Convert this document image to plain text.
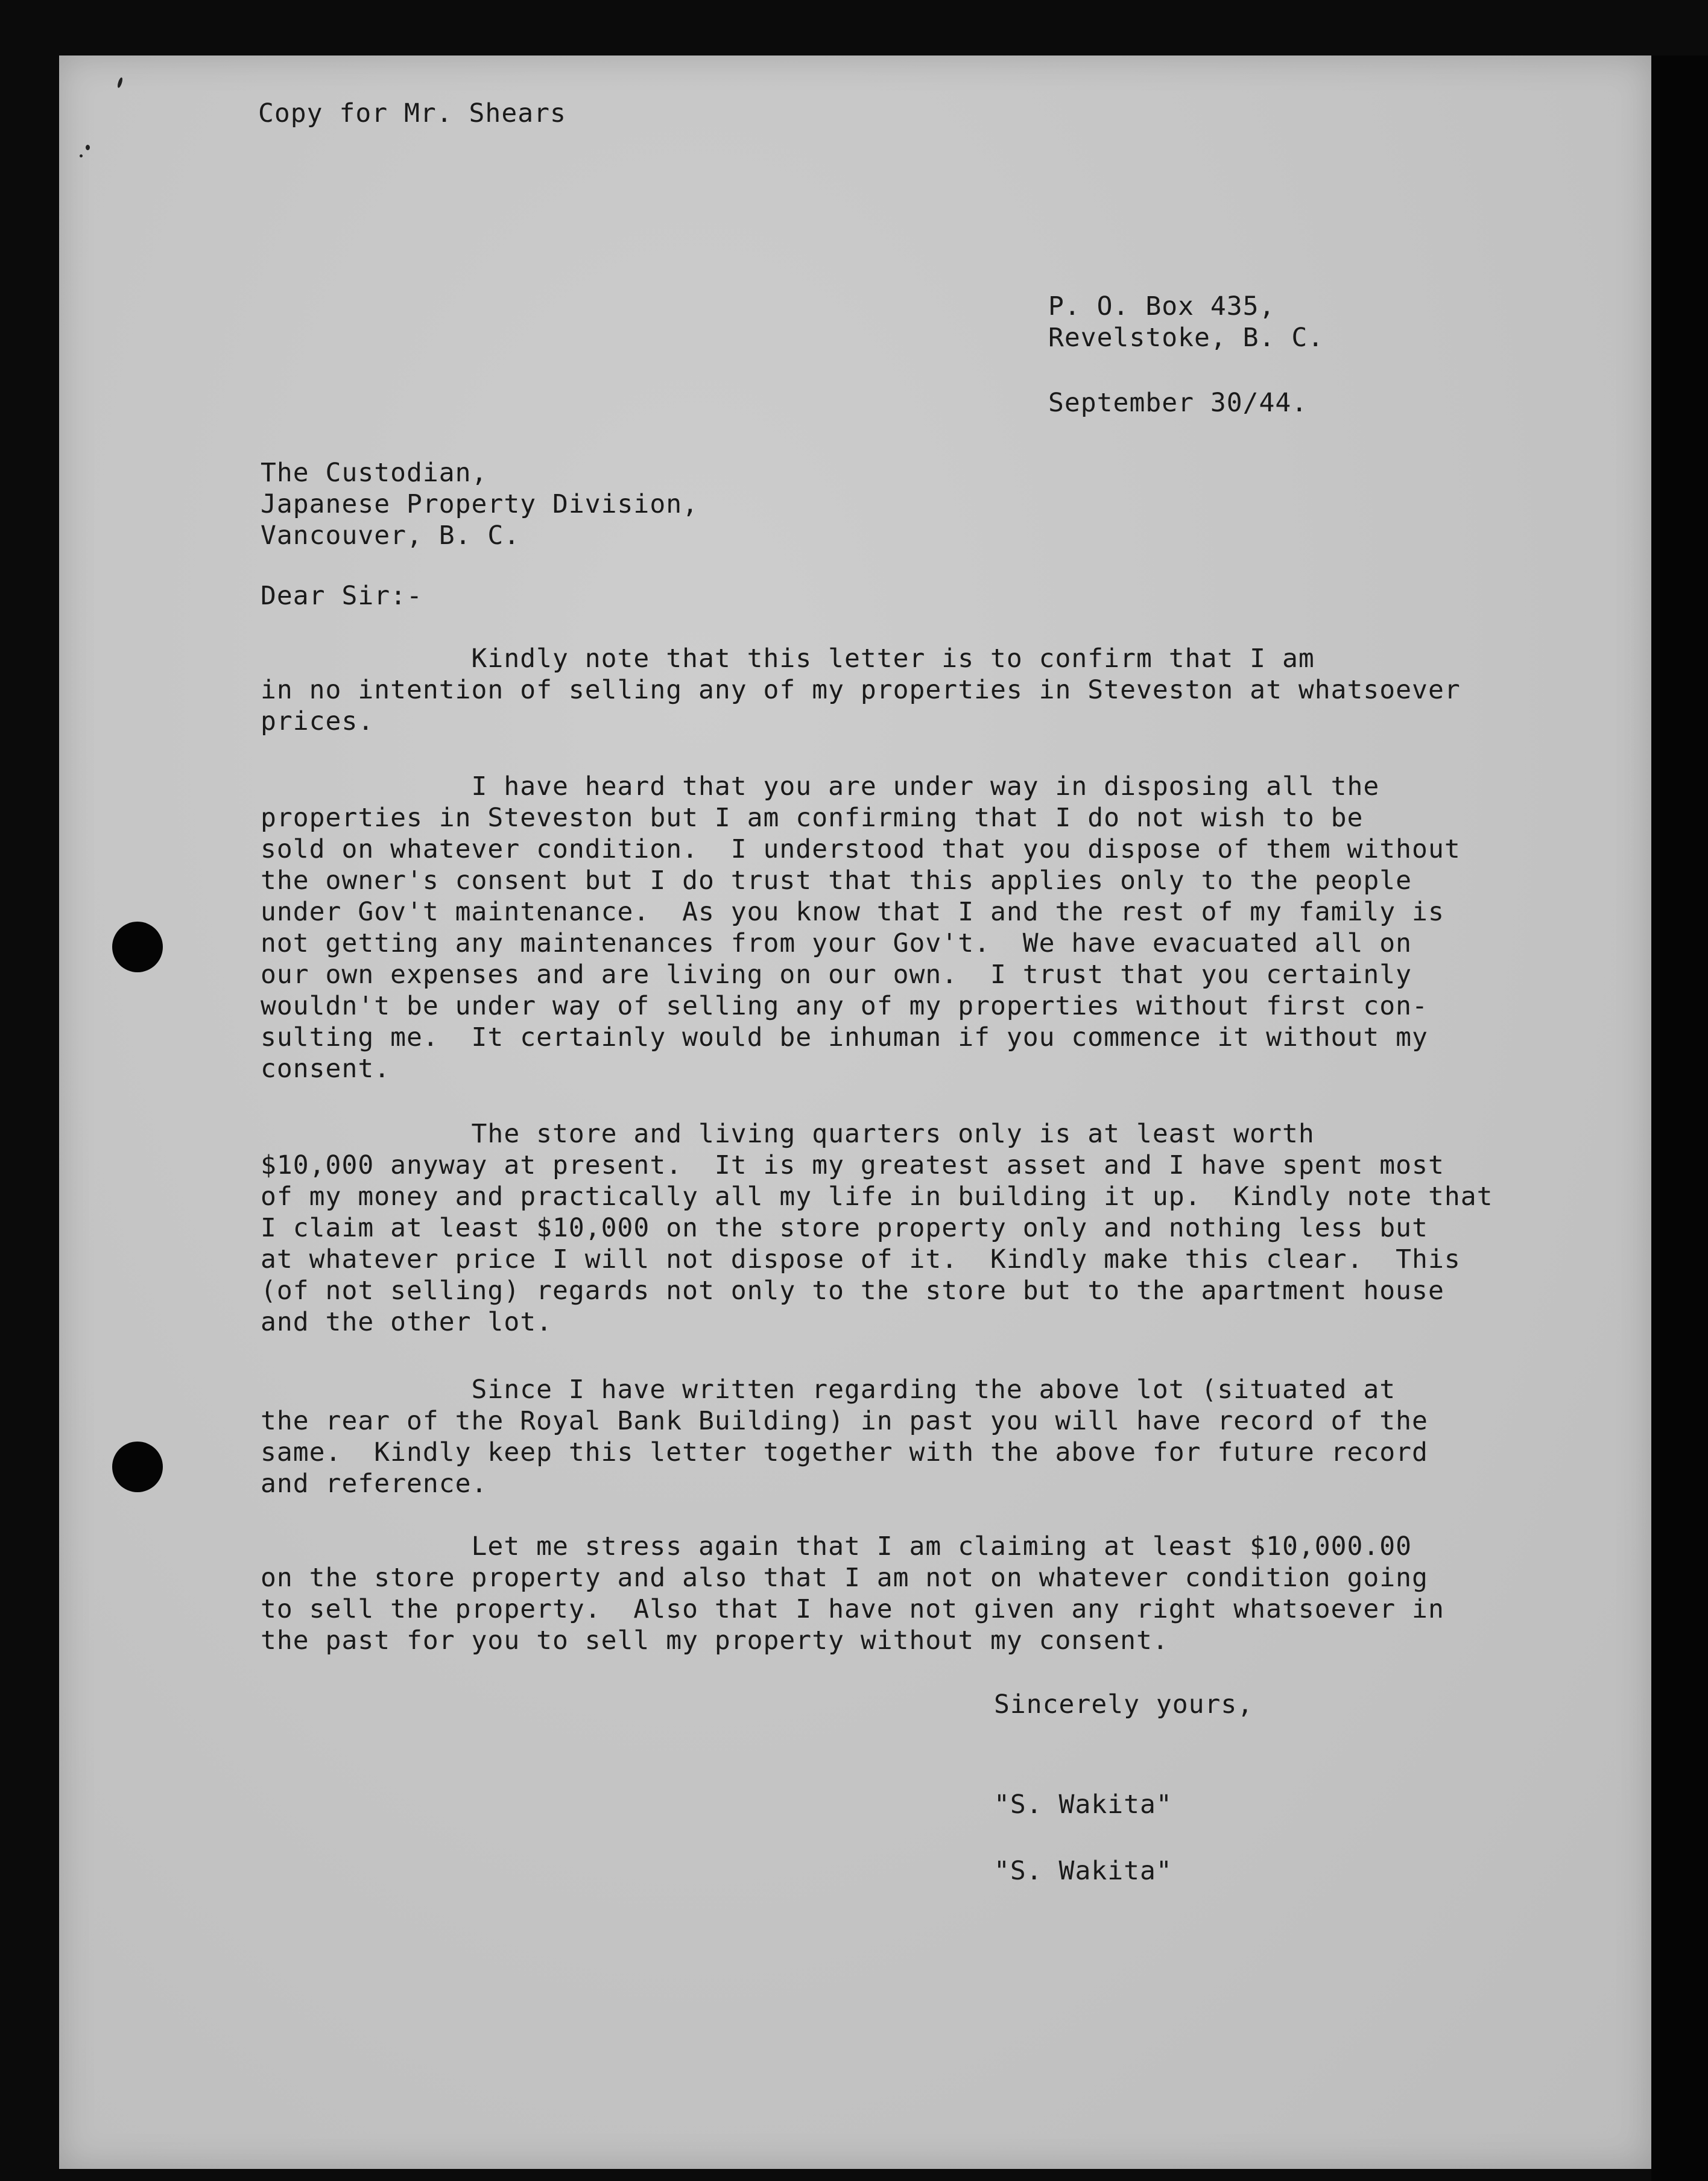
Copy for Mr. Shears

P. O. Box 435,

Revelstoke, B. C.

September 30/44.

The Custodian,

Japanese Property Division,

Vancouver, B. C.

Dear Sir:-

Kindly note that this letter is to confirm that I am
in no intention of selling any of my properties in Steveston at whatsoever
prices.

I have heard that you are under way in disposing all the
properties in Steveston but I am confirming that I do not wish to be
sold on whatever condition.  I understood that you dispose of them without
the owner's consent but I do trust that this applies only to the people
under Gov't maintenance.  As you know that I and the rest of my family is
not getting any maintenances from your Gov't.  We have evacuated all on
our own expenses and are living on our own.  I trust that you certainly
wouldn't be under way of selling any of my properties without first con-
sulting me.  It certainly would be inhuman if you commence it without my
consent.

The store and living quarters only is at least worth
$10,000 anyway at present.  It is my greatest asset and I have spent most
of my money and practically all my life in building it up.  Kindly note that
I claim at least $10,000 on the store property only and nothing less but
at whatever price I will not dispose of it.  Kindly make this clear.  This
(of not selling) regards not only to the store but to the apartment house
and the other lot.

Since I have written regarding the above lot (situated at
the rear of the Royal Bank Building) in past you will have record of the
same.  Kindly keep this letter together with the above for future record
and reference.

Let me stress again that I am claiming at least $10,000.00
on the store property and also that I am not on whatever condition going
to sell the property.  Also that I have not given any right whatsoever in
the past for you to sell my property without my consent.

Sincerely yours,

"S. Wakita"

"S. Wakita"
